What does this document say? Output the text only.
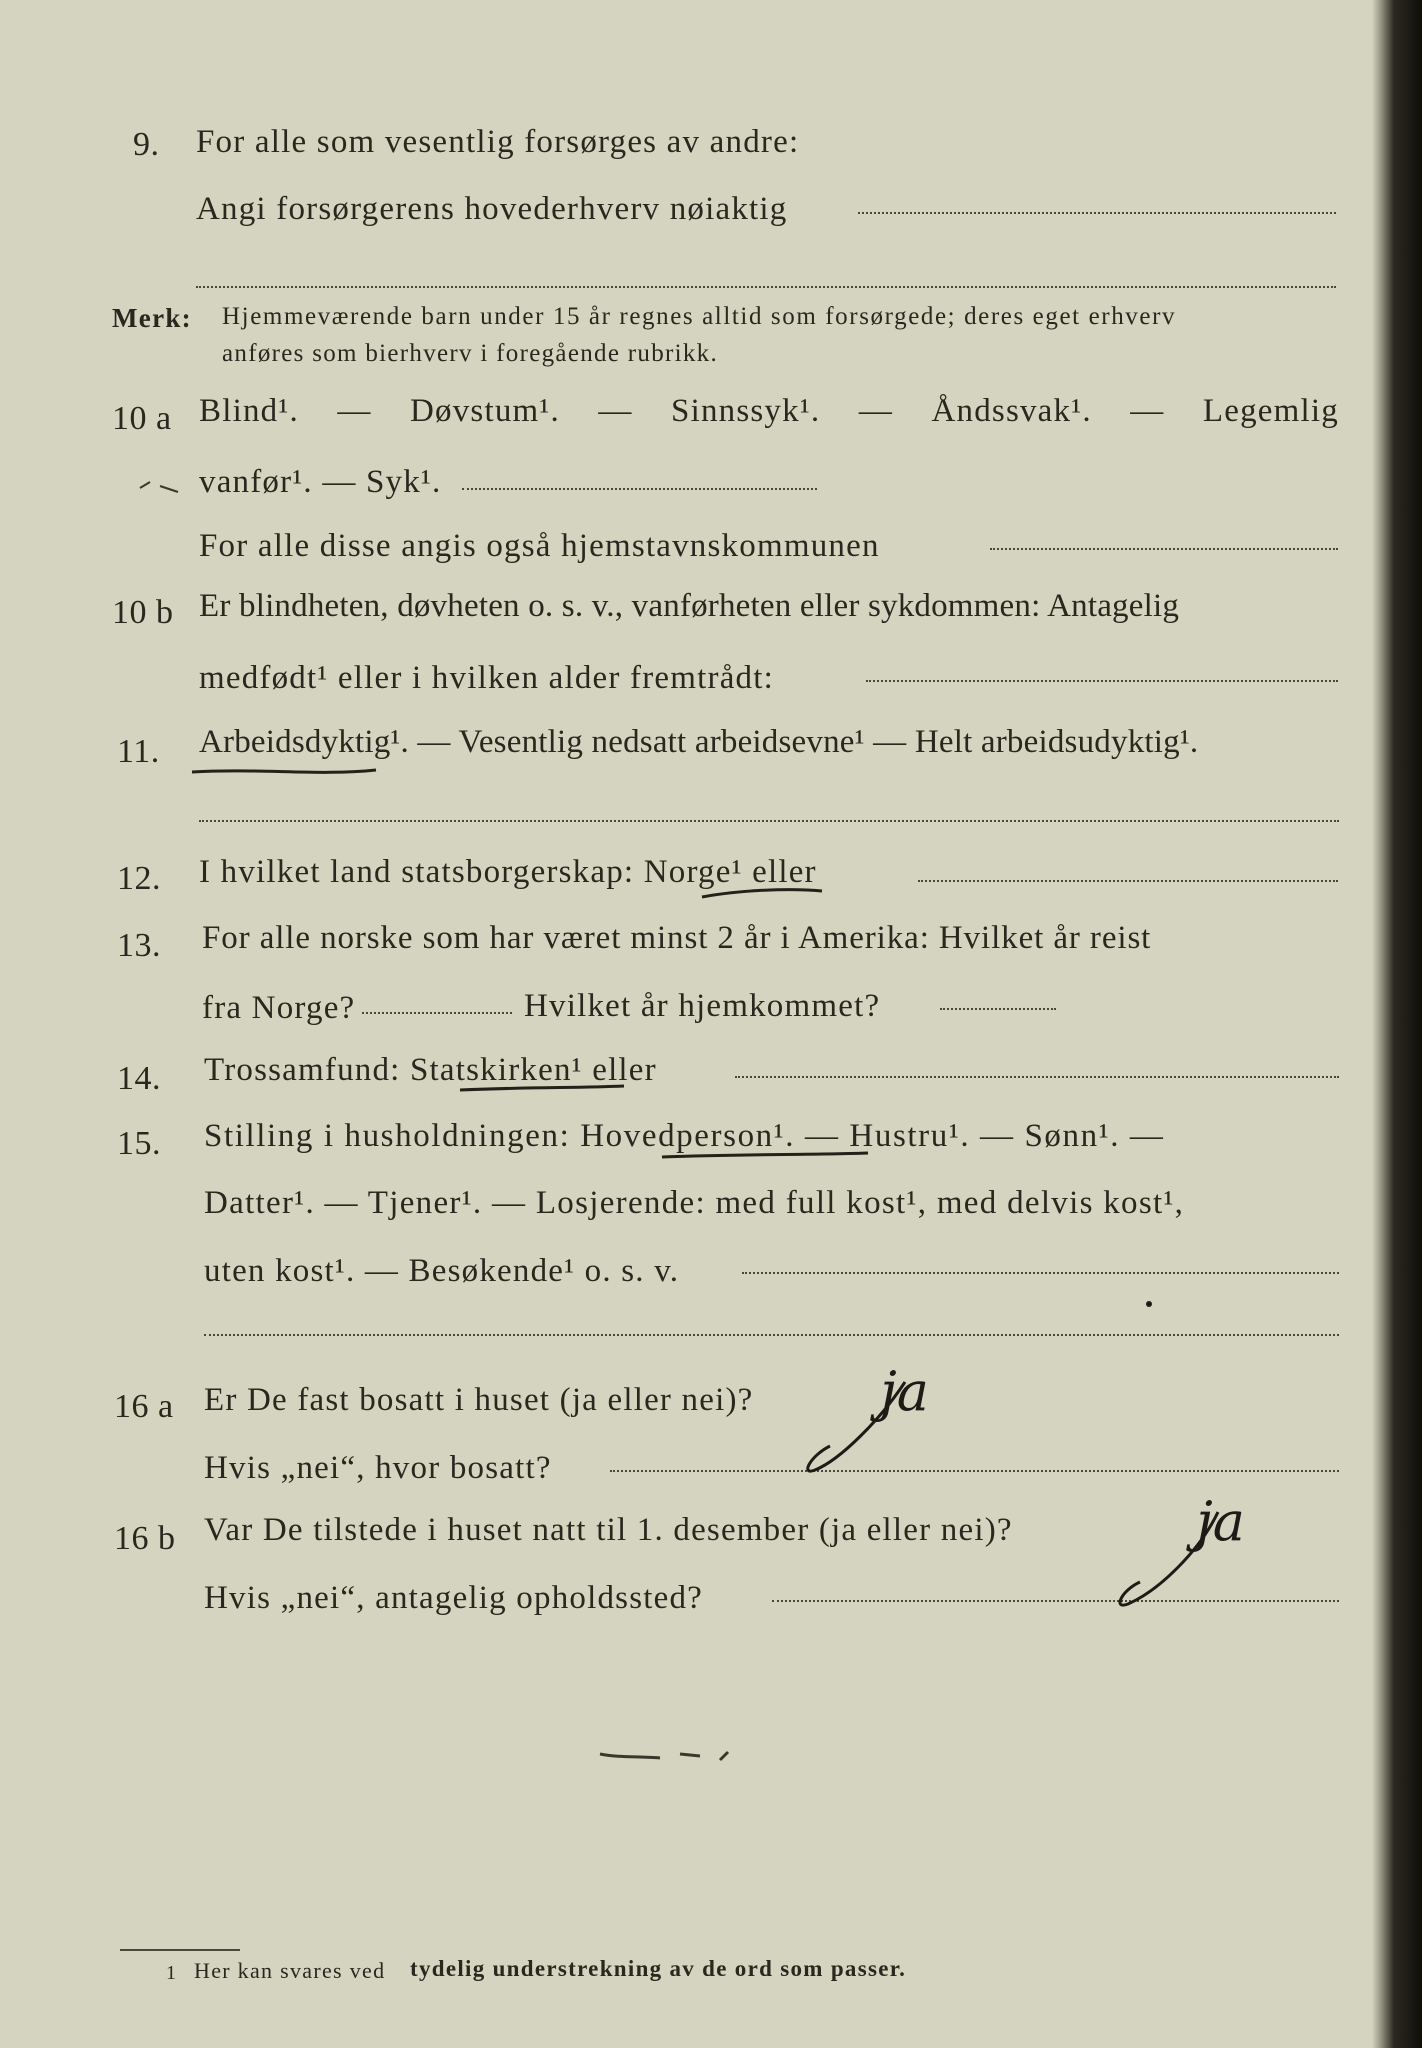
9. For alle som vesentlig forsørges av andre:
Angi forsørgerens hovederhverv nøiaktig
Merk: Hjemmeværende barn under 15 år regnes alltid som forsørgede; deres eget erhverv
anføres som bierhverv i foregående rubrikk.
10 a Blind¹. — Døvstum¹. — Sinnssyk¹. — Åndssvak¹. — Legemlig
vanfør¹. — Syk¹.
For alle disse angis også hjemstavnskommunen
10 b Er blindheten, døvheten o. s. v., vanførheten eller sykdommen: Antagelig
medfødt¹ eller i hvilken alder fremtrådt:
11. Arbeidsdyktig¹. — Vesentlig nedsatt arbeidsevne¹ — Helt arbeidsudyktig¹.
12. I hvilket land statsborgerskap: Norge¹ eller
13. For alle norske som har været minst 2 år i Amerika: Hvilket år reist
fra Norge?	Hvilket år hjemkommet?
14. Trossamfund: Statskirken¹ eller
15. Stilling i husholdningen: Hovedperson¹. — Hustru¹. — Sønn¹. —
Datter¹. — Tjener¹. — Losjerende: med full kost¹, med delvis kost¹,
uten kost¹. — Besøkende¹ o. s. v.
16 a Er De fast bosatt i huset (ja eller nei)? ja
Hvis „nei“, hvor bosatt?
16 b Var De tilstede i huset natt til 1. desember (ja eller nei)?	ja
Hvis „nei“, antagelig opholdssted?
1 Her kan svares ved tydelig understrekning av de ord som passer.
